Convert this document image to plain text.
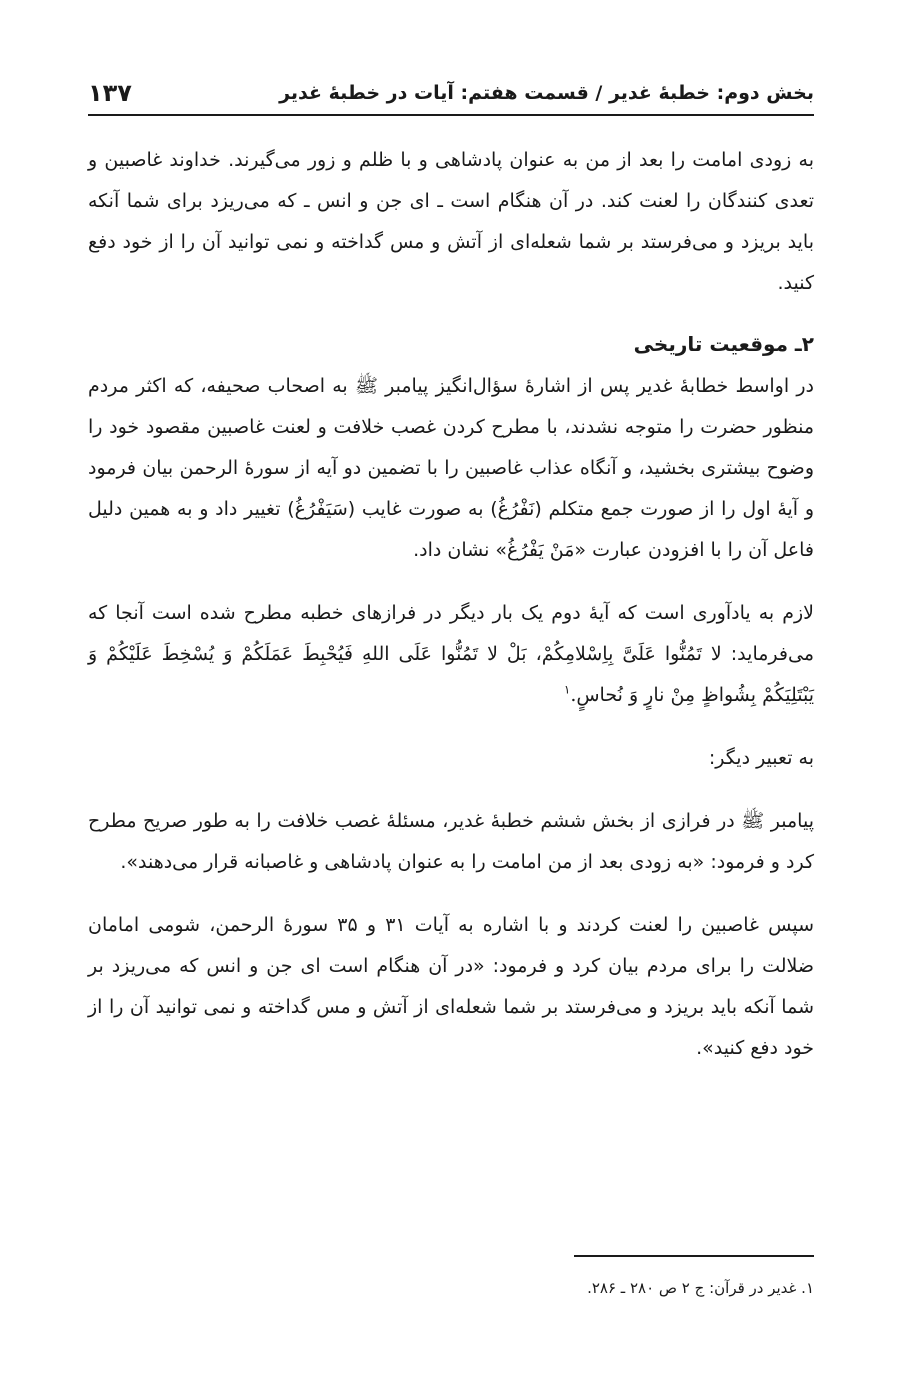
بخش دوم: خطبهٔ غدیر / قسمت هفتم: آیات در خطبهٔ غدیر
۱۳۷

به زودی امامت را بعد از من به عنوان پادشاهی و با ظلم و زور می‌گیرند. خداوند غاصبین و تعدی کنندگان را لعنت کند. در آن هنگام است ـ ای جن و انس ـ که می‌ریزد برای شما آنکه باید بریزد و می‌فرستد بر شما شعله‌ای از آتش و مس گداخته و نمی توانید آن را از خود دفع کنید.

۲ـ موقعیت تاریخی

در اواسط خطابهٔ غدیر پس از اشارهٔ سؤال‌انگیز پیامبر ﷺ به اصحاب صحیفه، که اکثر مردم منظور حضرت را متوجه نشدند، با مطرح کردن غصب خلافت و لعنت غاصبین مقصود خود را وضوح بیشتری بخشید، و آنگاه عذاب غاصبین را با تضمین دو آیه از سورهٔ الرحمن بیان فرمود و آیهٔ اول را از صورت جمع متکلم (نَفْرُغُ) به صورت غایب (سَیَفْرُغُ) تغییر داد و به همین دلیل فاعل آن را با افزودن عبارت «مَنْ یَفْرُغُ» نشان داد.

لازم به یادآوری است که آیهٔ دوم یک بار دیگر در فرازهای خطبه مطرح شده است آنجا که می‌فرماید: لا تَمُنُّوا عَلَیَّ بِاِسْلامِکُمْ، بَلْ لا تَمُنُّوا عَلَی اللهِ فَیُحْبِطَ عَمَلَکُمْ وَ یُسْخِطَ عَلَیْکُمْ وَ یَبْتَلِیَکُمْ بِشُواظٍ مِنْ نارٍ وَ نُحاسٍ.$^۱$

به تعبیر دیگر:

پیامبر ﷺ در فرازی از بخش ششم خطبهٔ غدیر، مسئلهٔ غصب خلافت را به طور صریح مطرح کرد و فرمود: «به زودی بعد از من امامت را به عنوان پادشاهی و غاصبانه قرار می‌دهند».

سپس غاصبین را لعنت کردند و با اشاره به آیات ۳۱ و ۳۵ سورهٔ الرحمن، شومی امامان ضلالت را برای مردم بیان کرد و فرمود: «در آن هنگام است ای جن و انس که می‌ریزد بر شما آنکه باید بریزد و می‌فرستد بر شما شعله‌ای از آتش و مس گداخته و نمی توانید آن را از خود دفع کنید».

۱. غدیر در قرآن: ج ۲ ص ۲۸۰ ـ ۲۸۶.
